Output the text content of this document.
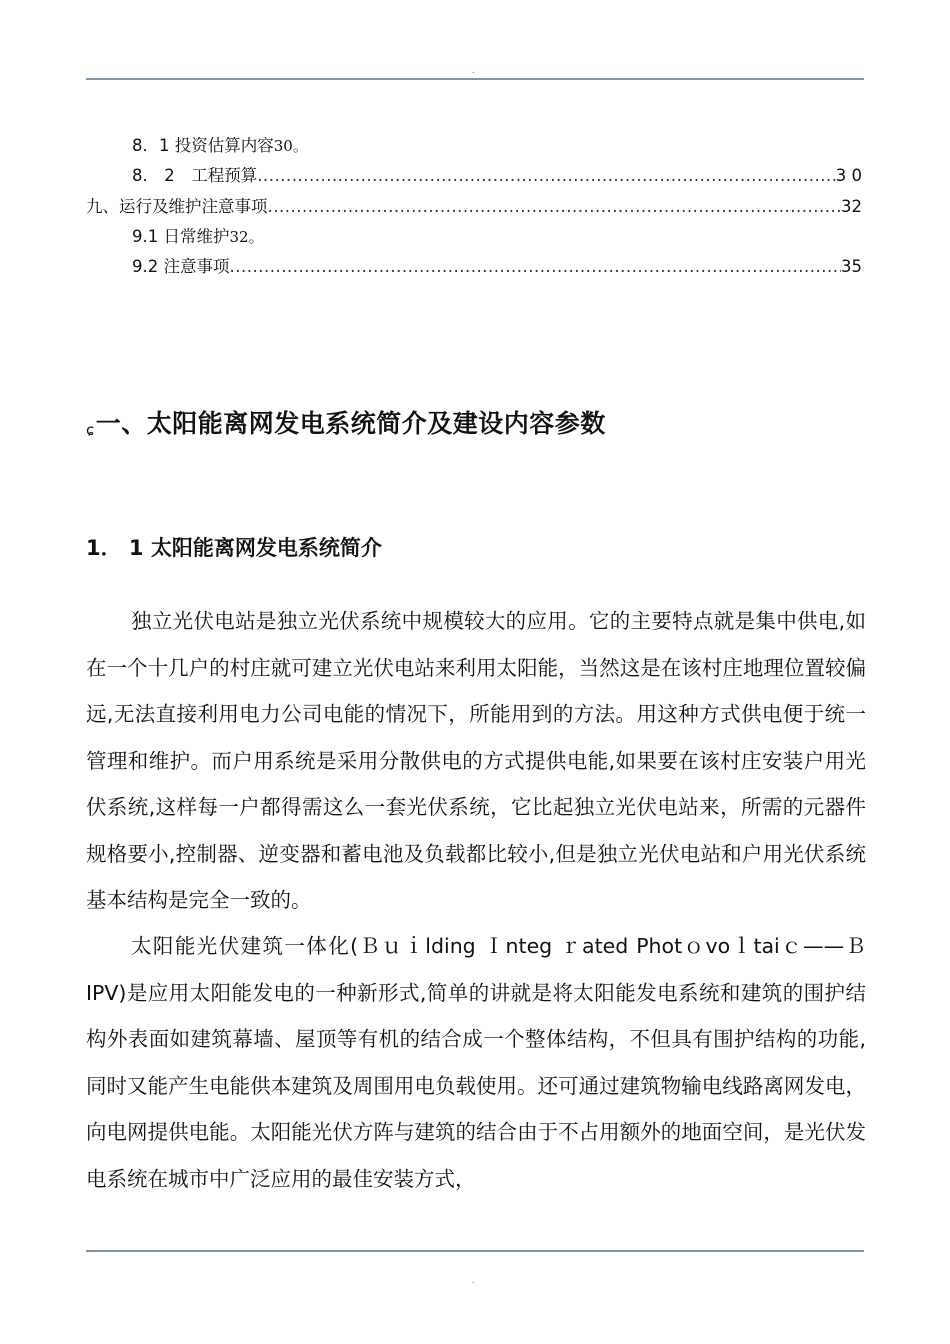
.
8．1 投资估算内容 30。
8． 2　工程预算 .....	3 0
九、运行及维护注意事项 .....	32
9.1 日常维护 32。
9.2 注意事项 .....	35
ɕ一、太阳能离网发电系统简介及建设内容参数
1． 1 太阳能离网发电系统简介

独立光伏电站是独立光伏系统中规模较大的应用。它的主要特点就是集中供电,如在一个十几户的村庄就可建立光伏电站来利用太阳能，当然这是在该村庄地理位置较偏远,无法直接利用电力公司电能的情况下，所能用到的方法。用这种方式供电便于统一管理和维护。而户用系统是采用分散供电的方式提供电能,如果要在该村庄安装户用光伏系统,这样每一户都得需这么一套光伏系统，它比起独立光伏电站来，所需的元器件规格要小,控制器、逆变器和蓄电池及负载都比较小,但是独立光伏电站和户用光伏系统基本结构是完全一致的。

太阳能光伏建筑一体化(Ｂｕｉlding Ｉnteg ｒated Photｏvoｌtaiｃ——ＢIPV)是应用太阳能发电的一种新形式,简单的讲就是将太阳能发电系统和建筑的围护结构外表面如建筑幕墙、屋顶等有机的结合成一个整体结构，不但具有围护结构的功能,同时又能产生电能供本建筑及周围用电负载使用。还可通过建筑物输电线路离网发电，向电网提供电能。太阳能光伏方阵与建筑的结合由于不占用额外的地面空间，是光伏发电系统在城市中广泛应用的最佳安装方式，

.
